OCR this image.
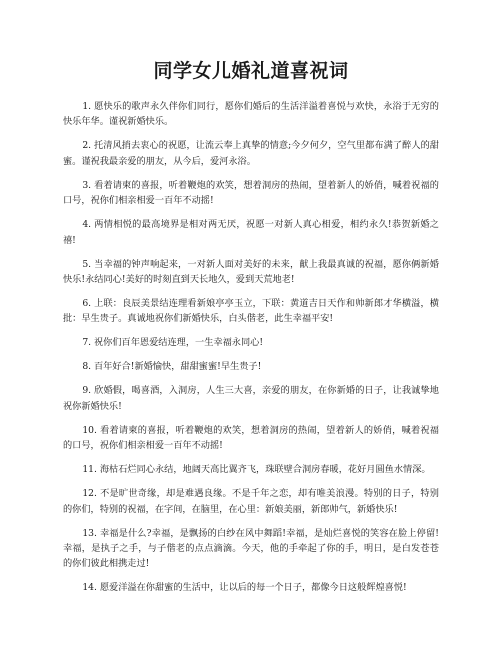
同学女儿婚礼道喜祝词

1. 愿快乐的歌声永久伴你们同行，愿你们婚后的生活洋溢着喜悦与欢快，永浴于无穷的快乐年华。谨祝新婚快乐。

2. 托清风捎去衷心的祝愿，让流云奉上真挚的情意;今夕何夕，空气里都布满了醉人的甜蜜。谨祝我最亲爱的朋友，从今后，爱河永浴。

3. 看着请柬的喜报，听着鞭炮的欢笑，想着洞房的热闹，望着新人的娇俏，喊着祝福的口号，祝你们相亲相爱一百年不动摇!

4. 两情相悦的最高境界是相对两无厌，祝愿一对新人真心相爱，相约永久!恭贺新婚之禧!

5. 当幸福的钟声响起来，一对新人面对美好的未来，献上我最真诚的祝福，愿你俩新婚快乐!永结同心!美好的时刻直到天长地久，爱到天荒地老!

6. 上联：良辰美景结连理看新娘亭亭玉立，下联：黄道吉日天作和帅新郎才华横溢，横批：早生贵子。真诚地祝你们新婚快乐，白头偕老，此生幸福平安!

7. 祝你们百年恩爱结连理，一生幸福永同心!

8. 百年好合!新婚愉快，甜甜蜜蜜!早生贵子!

9. 欣婚假，喝喜酒，入洞房，人生三大喜，亲爱的朋友，在你新婚的日子，让我诚挚地祝你新婚快乐!

10. 看着请柬的喜报，听着鞭炮的欢笑，想着洞房的热闹，望着新人的娇俏，喊着祝福的口号，祝你们相亲相爱一百年不动摇!

11. 海枯石烂同心永结，地阔天高比翼齐飞，珠联壁合洞房春暖，花好月圆鱼水情深。

12. 不是旷世奇缘，却是难遇良缘。不是千年之恋，却有唯美浪漫。特别的日子，特别的你们，特别的祝福，在字间，在脑里，在心里：新娘美丽，新郎帅气，新婚快乐!

13. 幸福是什么?幸福，是飘扬的白纱在风中舞蹈!幸福，是灿烂喜悦的笑容在脸上停留!幸福，是执子之手，与子偕老的点点滴滴。今天，他的手牵起了你的手，明日，是白发苍苍的你们彼此相携走过!

14. 愿爱洋溢在你甜蜜的生活中，让以后的每一个日子，都像今日这般辉煌喜悦!
